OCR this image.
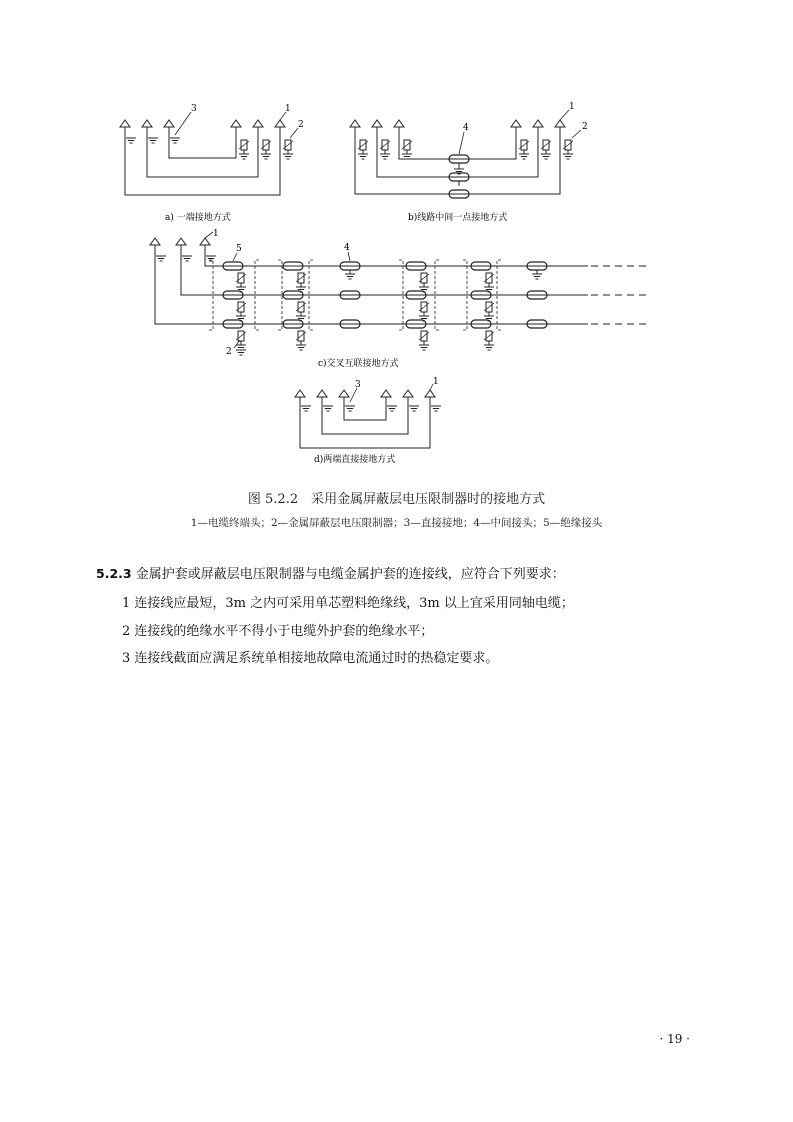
3	1
2
a) 一端接地方式
4
1
2
b)线路中间一点接地方式
1
5	4
2
c)交叉互联接地方式
3	1
d)两端直接接地方式
图 5.2.2　采用金属屏蔽层电压限制器时的接地方式
1—电缆终端头；2—金属屏蔽层电压限制器；3—直接接地；4—中间接头；5—绝缘接头
5.2.3 金属护套或屏蔽层电压限制器与电缆金属护套的连接线，应符合下列要求：
1 连接线应最短，3m 之内可采用单芯塑料绝缘线，3m 以上宜采用同轴电缆；
2 连接线的绝缘水平不得小于电缆外护套的绝缘水平；
3 连接线截面应满足系统单相接地故障电流通过时的热稳定要求。
· 19 ·
